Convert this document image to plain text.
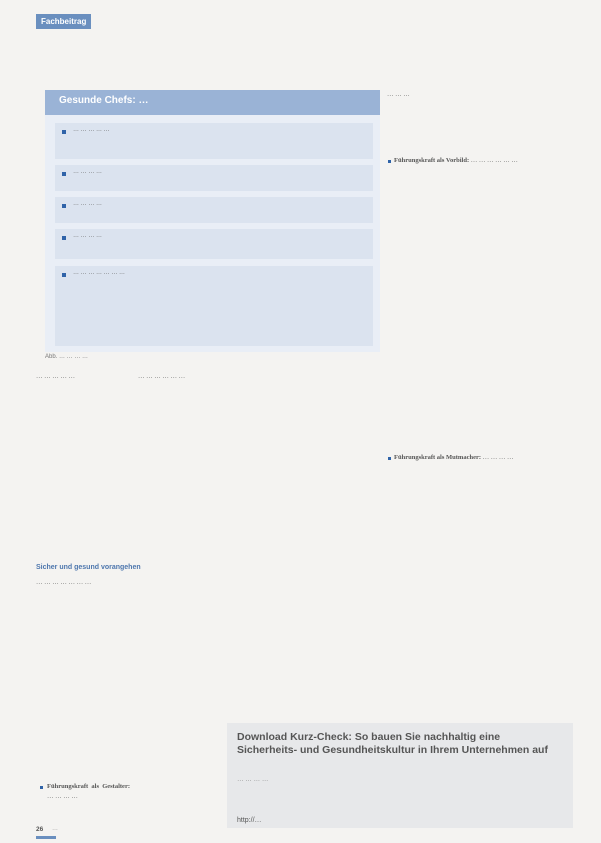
Fachbeitrag
Gesunde Chefs: …
… … … … …
… … … …
… … … …
… … … …
… … … … … … …
Abb. … … … …

… … … … …

Sicher und gesund vorangehen

… … … … … … …

Führungskraft als Gestalter: … … … …

… … … … … …

… … …

Führungskraft als Vorbild: … … … … … …
Führungskraft als Mutmacher: … … … …
Download Kurz-Check: So bauen Sie nachhaltig eine Sicherheits- und Gesundheitskultur in Ihrem Unternehmen auf
… … … …
http://…
26 …
